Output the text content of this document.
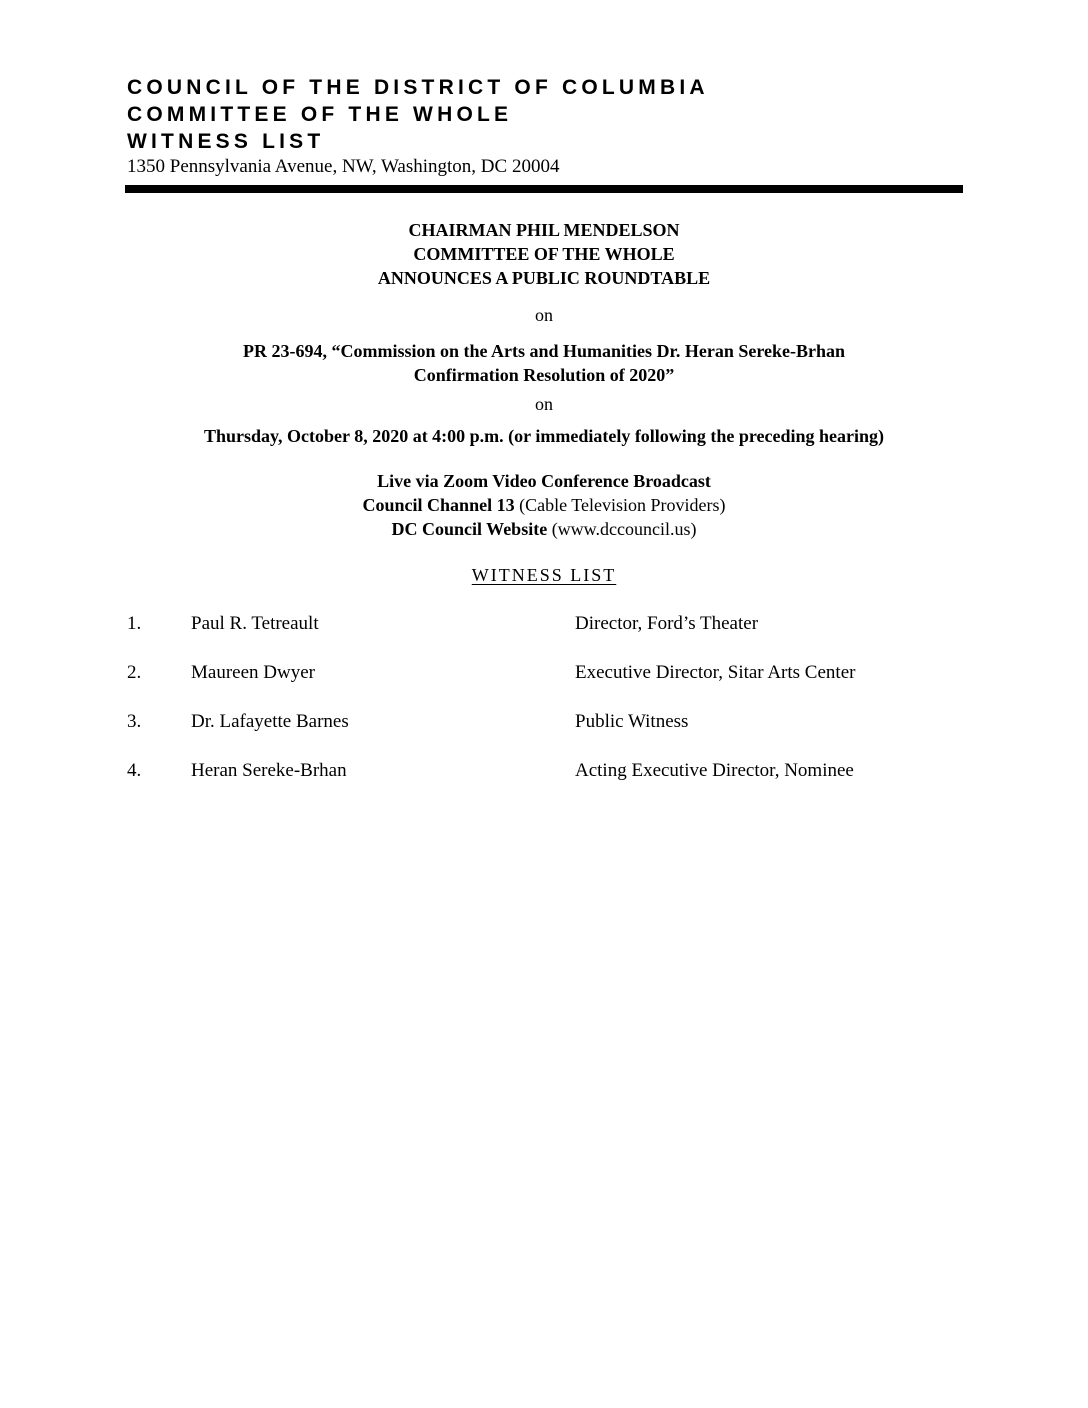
COUNCIL OF THE DISTRICT OF COLUMBIA
COMMITTEE OF THE WHOLE
WITNESS LIST
1350 Pennsylvania Avenue, NW, Washington, DC 20004
CHAIRMAN PHIL MENDELSON
COMMITTEE OF THE WHOLE
ANNOUNCES A PUBLIC ROUNDTABLE
on
PR 23-694, “Commission on the Arts and Humanities Dr. Heran Sereke-Brhan
Confirmation Resolution of 2020”
on
Thursday, October 8, 2020 at 4:00 p.m. (or immediately following the preceding hearing)
Live via Zoom Video Conference Broadcast
Council Channel 13 (Cable Television Providers)
DC Council Website (www.dccouncil.us)
WITNESS LIST
1.	Paul R. Tetreault	Director, Ford’s Theater
2.	Maureen Dwyer	Executive Director, Sitar Arts Center
3.	Dr. Lafayette Barnes	Public Witness
4.	Heran Sereke-Brhan	Acting Executive Director, Nominee
